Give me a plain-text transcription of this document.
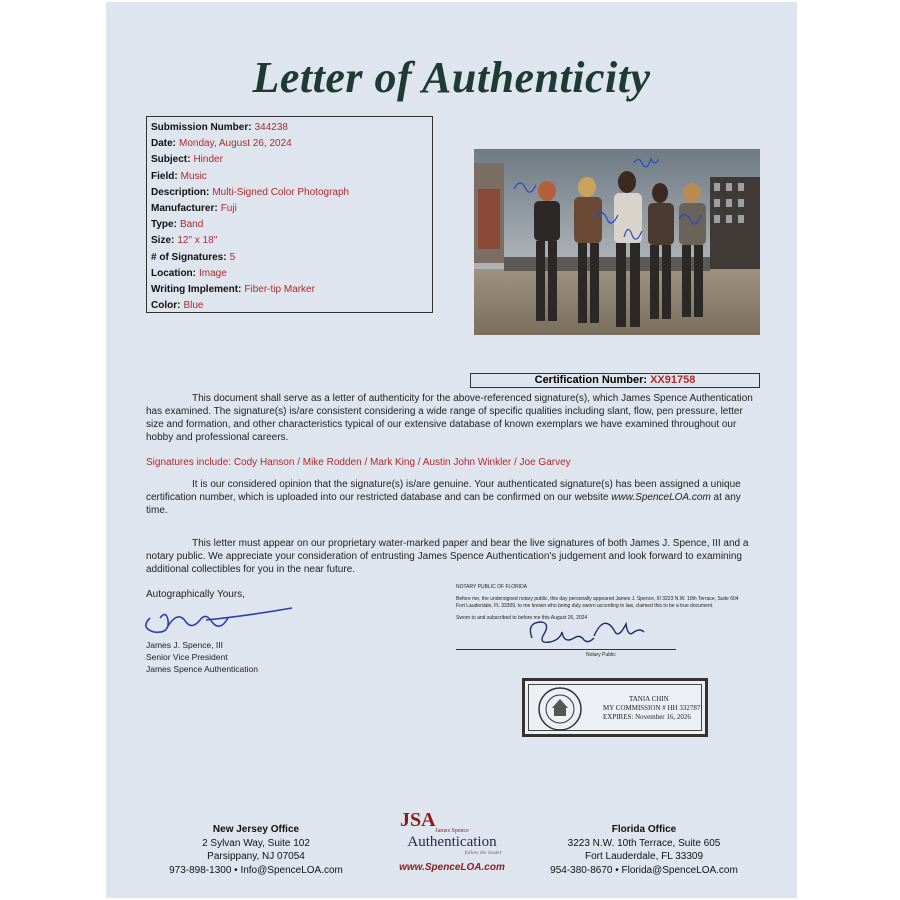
Letter of Authenticity
Submission Number: 344238
Date: Monday, August 26, 2024
Subject: Hinder
Field: Music
Description: Multi-Signed Color Photograph
Manufacturer: Fuji
Type: Band
Size: 12" x 18"
# of Signatures: 5
Location: Image
Writing Implement: Fiber-tip Marker
Color: Blue
Certification Number: XX91758
This document shall serve as a letter of authenticity for the above-referenced signature(s), which James Spence Authentication has examined. The signature(s) is/are consistent considering a wide range of specific qualities including slant, flow, pen pressure, letter size and formation, and other characteristics typical of our extensive database of known exemplars we have examined throughout our hobby and professional careers.
Signatures include: Cody Hanson / Mike Rodden / Mark King / Austin John Winkler / Joe Garvey
It is our considered opinion that the signature(s) is/are genuine. Your authenticated signature(s) has been assigned a unique certification number, which is uploaded into our restricted database and can be confirmed on our website www.SpenceLOA.com at any time.
This letter must appear on our proprietary water-marked paper and bear the live signatures of both James J. Spence, III and a notary public. We appreciate your consideration of entrusting James Spence Authentication's judgement and look forward to examining additional collectibles for you in the near future.
Autographically Yours,
James J. Spence, III
Senior Vice President
James Spence Authentication
NOTARY PUBLIC OF FLORIDA
Before me, the undersigned notary public, this day personally appeared James J. Spence, III 3223 N.W. 10th Terrace, Suite 604 Fort Lauderdale, FL 33309, to me known who being duly sworn according to law, claimed this to be a true document.
Sworn to and subscribed to before me this August 26, 2024
Notary Public
TANIA CHIN
MY COMMISSION # HH 332787
EXPIRES: November 16, 2026
New Jersey Office
2 Sylvan Way, Suite 102
Parsippany, NJ 07054
973-898-1300 • Info@SpenceLOA.com
JSA James Spence
Authentication
follow the leader
www.SpenceLOA.com
Florida Office
3223 N.W. 10th Terrace, Suite 605
Fort Lauderdale, FL 33309
954-380-8670 • Florida@SpenceLOA.com
